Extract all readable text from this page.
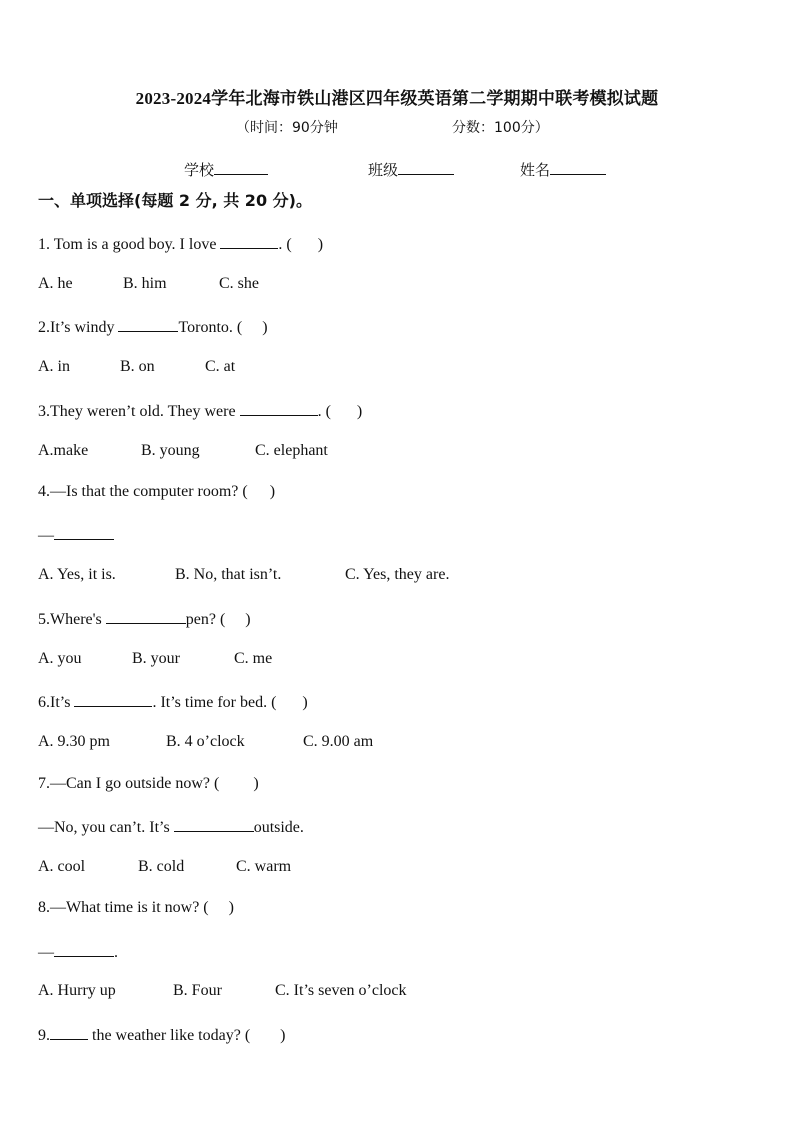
2023-2024学年北海市铁山港区四年级英语第二学期期中联考模拟试题
（时间：90分钟	分数：100分）
学校	班级	姓名
一、单项选择(每题 2 分, 共 20 分)。
1. Tom is a good boy. I love	. ( )
A. he	B. him	C. she
2.It’s windy	Toronto. ( )
A. in	B. on	C. at
3.They weren’t old. They were	. ( )
A.make	B. young	C. elephant
4.—Is that the computer room? ( )
—
A. Yes, it is.	B. No, that isn’t.	C. Yes, they are.
5.Where's	pen? ( )
A. you	B. your	C. me
6.It’s	. It’s time for bed. ( )
A. 9.30 pm	B. 4 o’clock	C. 9.00 am
7.—Can I go outside now? ( )
—No, you can’t. It’s	outside.
A. cool	B. cold	C. warm
8.—What time is it now? ( )
—	.
A. Hurry up	B. Four	C. It’s seven o’clock
9. the weather like today? ( )
